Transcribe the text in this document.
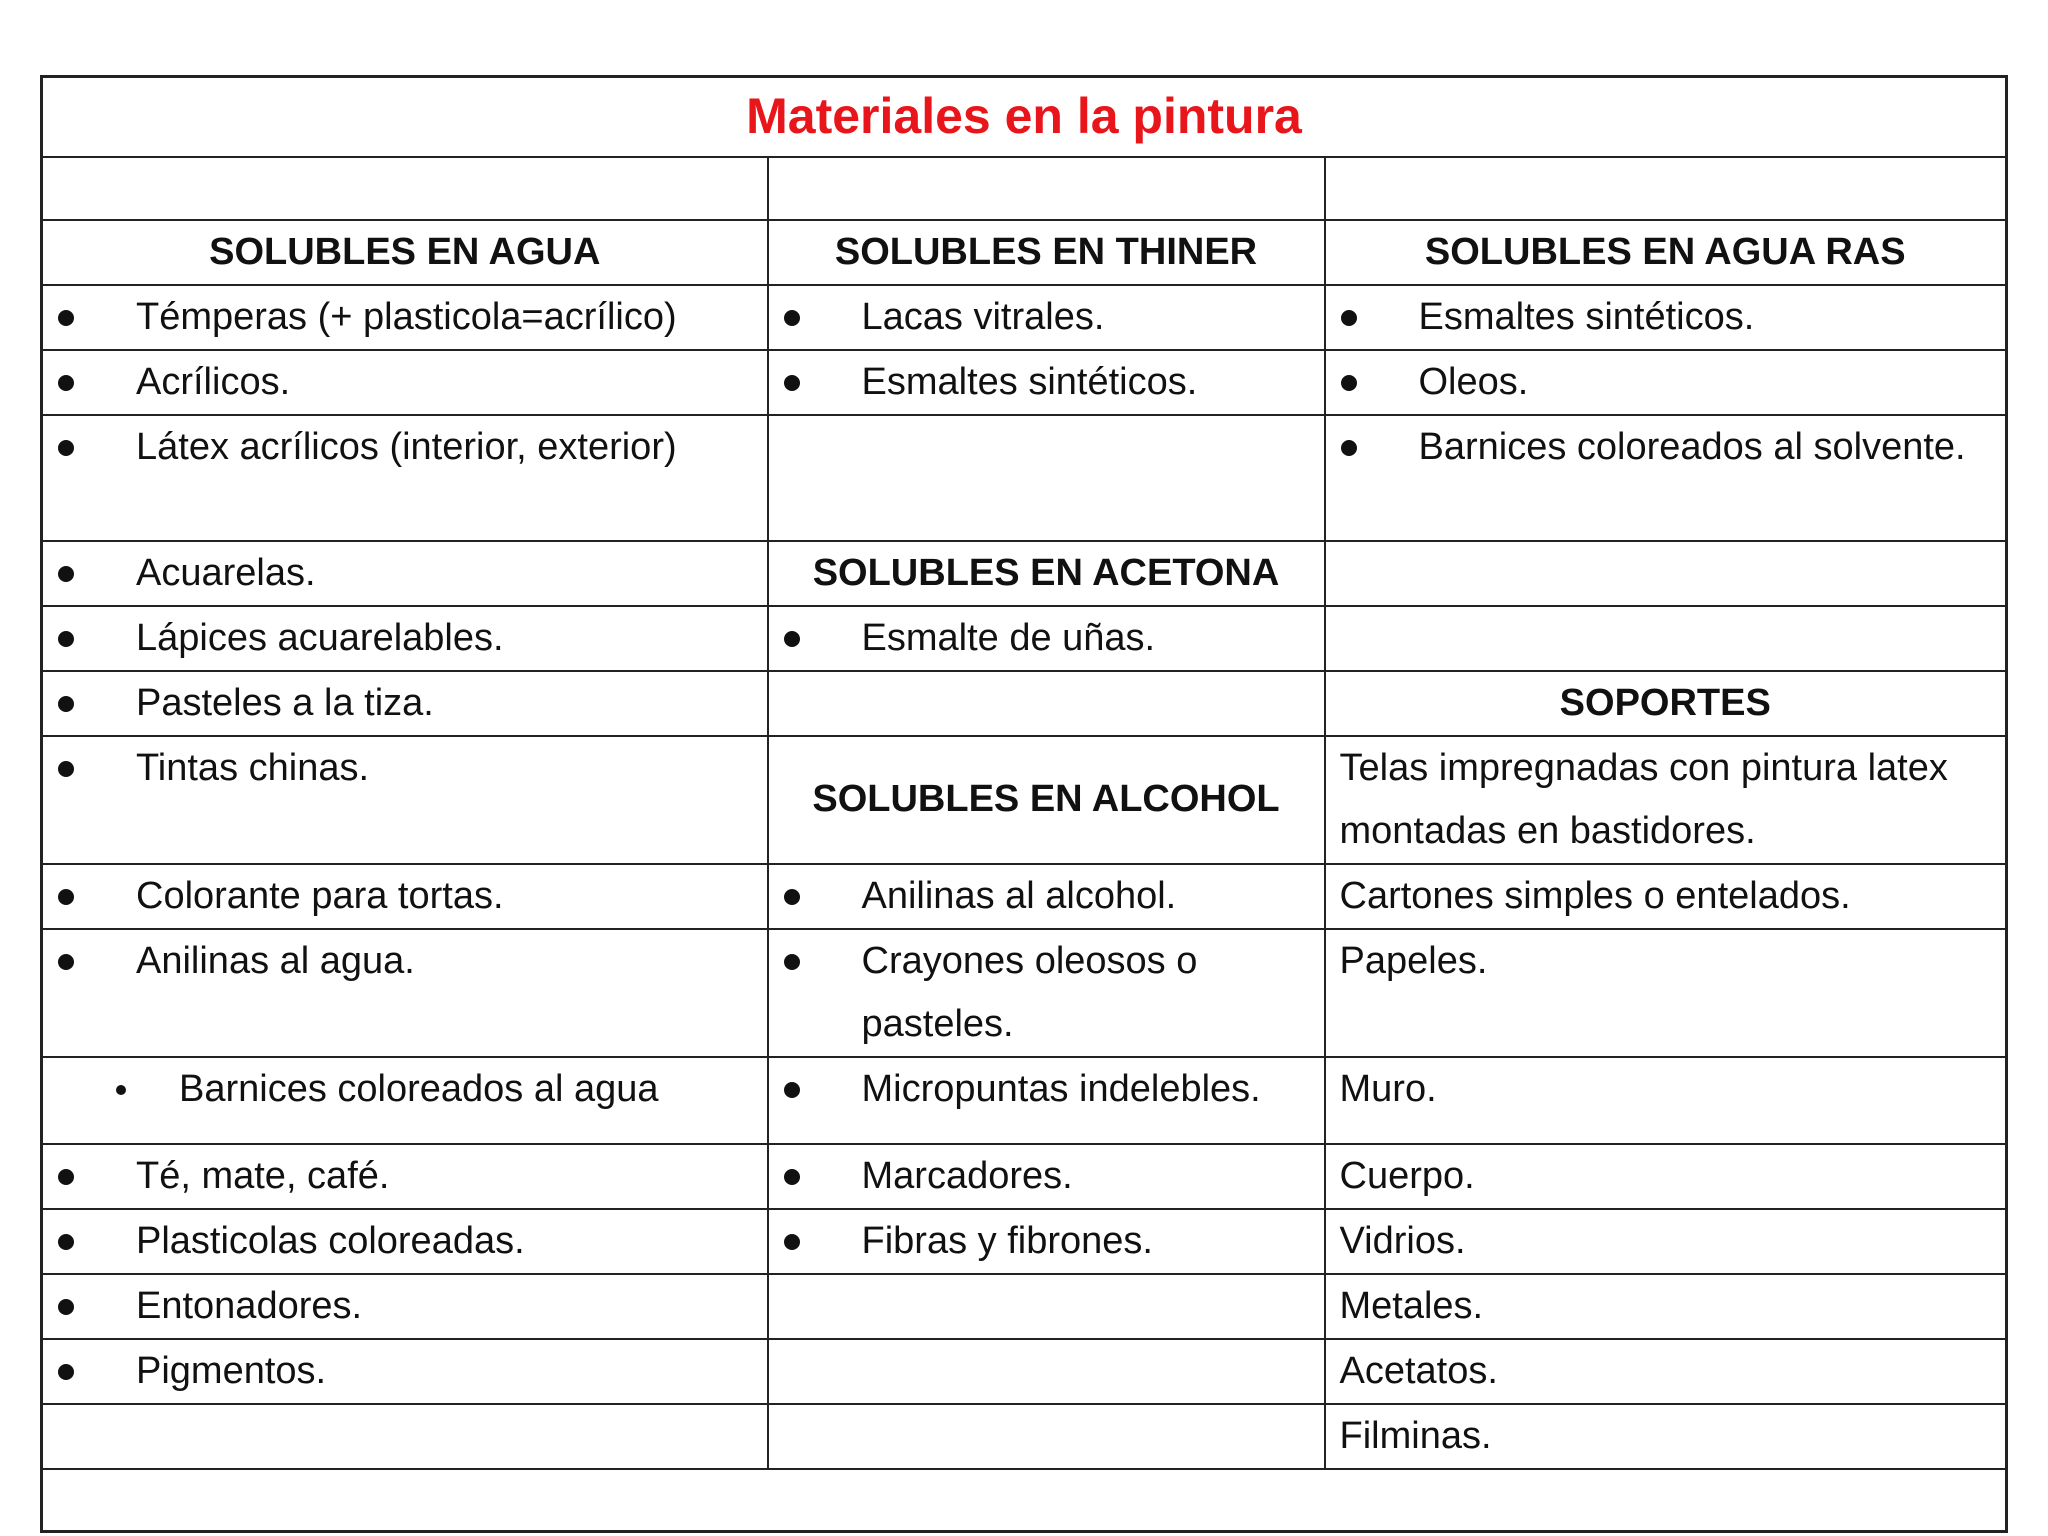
Materiales en la pintura		

SOLUBLES EN AGUA	SOLUBLES EN THINER	SOLUBLES EN AGUA RAS

Témperas (+ plasticola=acrílico)	Lacas vitrales.	Esmaltes sintéticos.

Acrílicos.	Esmaltes sintéticos.	Oleos.

Látex acrílicos (interior, exterior)		Barnices coloreados al solvente.

Acuarelas.	SOLUBLES EN ACETONA	

Lápices acuarelables.	Esmalte de uñas.	

Pasteles a la tiza.		SOPORTES

Tintas chinas.	SOLUBLES EN ALCOHOL	Telas impregnadas con pintura latex montadas en bastidores.

Colorante para tortas.	Anilinas al alcohol.	Cartones simples o entelados.

Anilinas al agua.	Crayones oleosos o pasteles.	Papeles.

Barnices coloreados al agua	Micropuntas indelebles.	Muro.

Té, mate, café.	Marcadores.	Cuerpo.

Plasticolas coloreadas.	Fibras y fibrones.	Vidrios.

Entonadores.		Metales.

Pigmentos.		Acetatos.
		Filminas.
